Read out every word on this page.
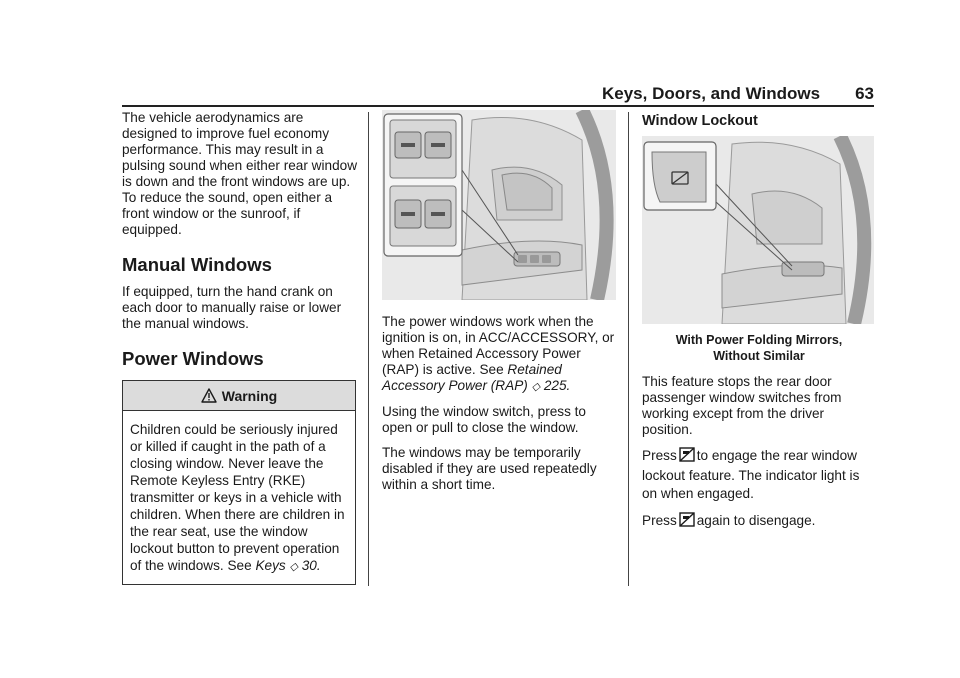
Keys, Doors, and Windows 63

The vehicle aerodynamics are designed to improve fuel economy performance. This may result in a pulsing sound when either rear window is down and the front windows are up. To reduce the sound, open either a front window or the sunroof, if equipped.

Manual Windows

If equipped, turn the hand crank on each door to manually raise or lower the manual windows.

Power Windows
Warning
Children could be seriously injured or killed if caught in the path of a closing window. Never leave the Remote Keyless Entry (RKE) transmitter or keys in a vehicle with children. When there are children in the rear seat, use the window lockout button to prevent operation of the windows. See Keys ◇ 30.

The power windows work when the ignition is on, in ACC/ACCESSORY, or when Retained Accessory Power (RAP) is active. See Retained Accessory Power (RAP) ◇ 225.

Using the window switch, press to open or pull to close the window.

The windows may be temporarily disabled if they are used repeatedly within a short time.

Window Lockout
With Power Folding Mirrors,
Without Similar

This feature stops the rear door passenger window switches from working except from the driver position.

Press to engage the rear window lockout feature. The indicator light is on when engaged.

Press again to disengage.
